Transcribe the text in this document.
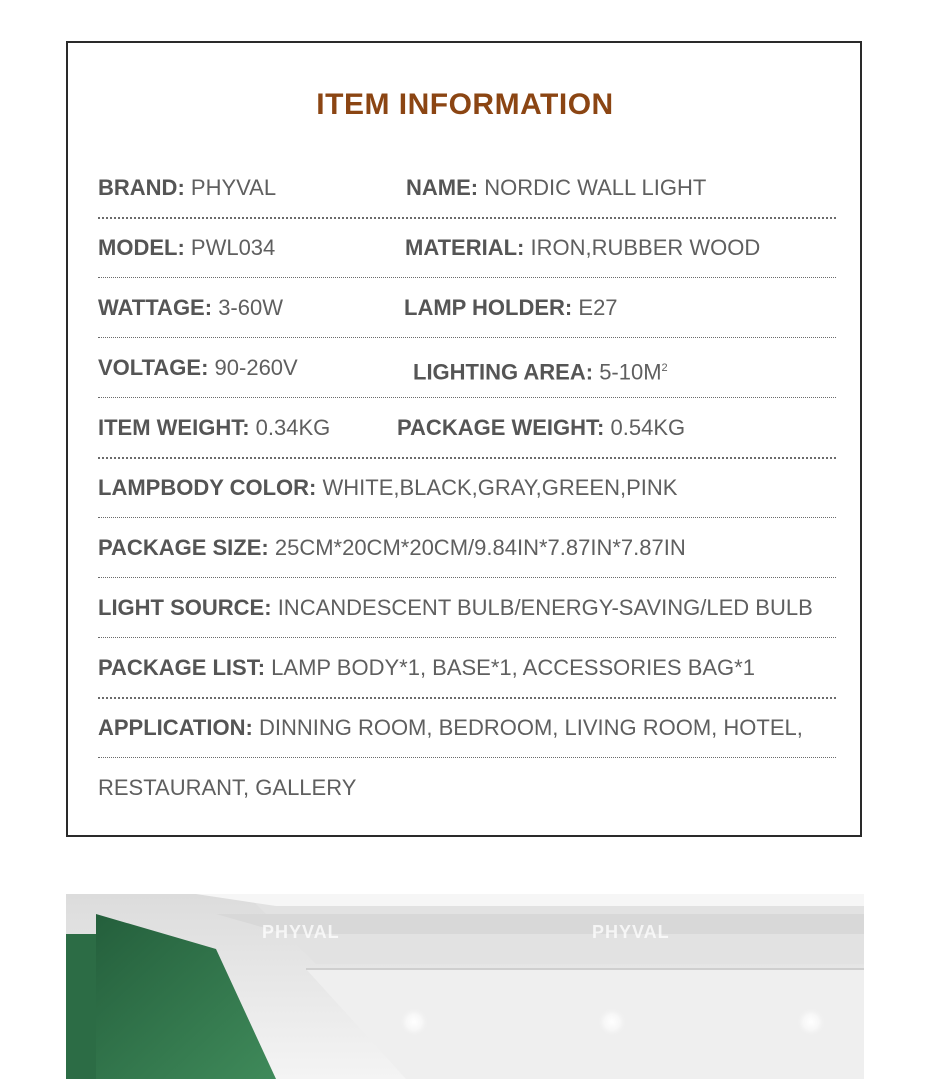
ITEM INFORMATION
BRAND: PHYVAL	NAME: NORDIC WALL LIGHT
MODEL: PWL034	MATERIAL: IRON,RUBBER WOOD
WATTAGE: 3-60W	LAMP HOLDER: E27
VOLTAGE: 90-260V	LIGHTING AREA: $5-10M^2$
ITEM WEIGHT: 0.34KG	PACKAGE WEIGHT: 0.54KG
LAMPBODY COLOR: WHITE,BLACK,GRAY,GREEN,PINK
PACKAGE SIZE: 25CM*20CM*20CM/9.84IN*7.87IN*7.87IN
LIGHT SOURCE: INCANDESCENT BULB/ENERGY-SAVING/LED BULB
PACKAGE LIST: LAMP BODY*1, BASE*1, ACCESSORIES BAG*1
APPLICATION: DINNING ROOM, BEDROOM, LIVING ROOM, HOTEL,
RESTAURANT, GALLERY
PHYVAL	PHYVAL
